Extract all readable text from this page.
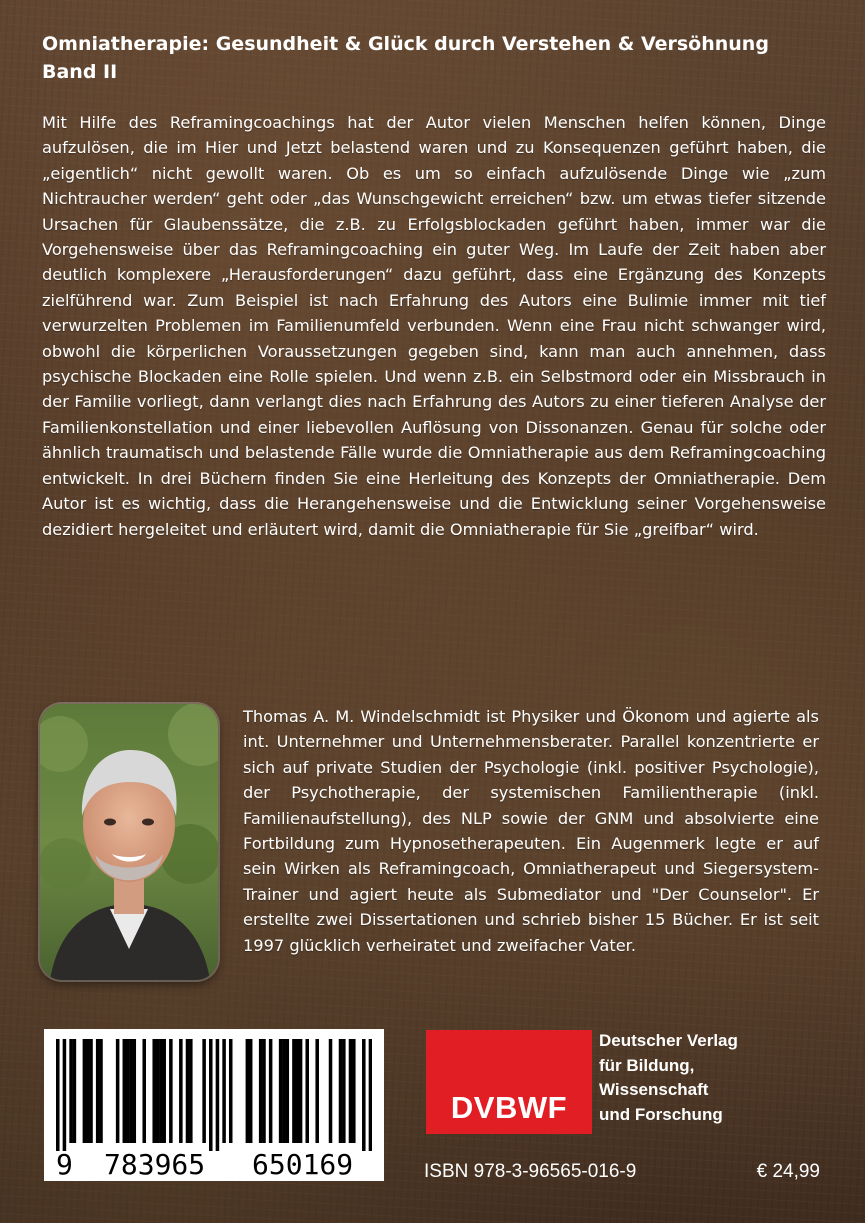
Omniatherapie: Gesundheit & Glück durch Verstehen & Versöhnung
Band II

Mit Hilfe des Reframingcoachings hat der Autor vielen Menschen helfen können, Dinge aufzulösen, die im Hier und Jetzt belastend waren und zu Konsequenzen geführt haben, die „eigentlich“ nicht gewollt waren. Ob es um so einfach aufzulösende Dinge wie „zum Nichtraucher werden“ geht oder „das Wunschgewicht erreichen“ bzw. um etwas tiefer sitzende Ursachen für Glaubenssätze, die z.B. zu Erfolgsblockaden geführt haben, immer war die Vorgehensweise über das Reframingcoaching ein guter Weg. Im Laufe der Zeit haben aber deutlich komplexere „Herausforderungen“ dazu geführt, dass eine Ergänzung des Konzepts zielführend war. Zum Beispiel ist nach Erfahrung des Autors eine Bulimie immer mit tief verwurzelten Problemen im Familienumfeld verbunden. Wenn eine Frau nicht schwanger wird, obwohl die körperlichen Voraussetzungen gegeben sind, kann man auch annehmen, dass psychische Blockaden eine Rolle spielen. Und wenn z.B. ein Selbstmord oder ein Missbrauch in der Familie vorliegt, dann verlangt dies nach Erfahrung des Autors zu einer tieferen Analyse der Familienkonstellation und einer liebevollen Auflösung von Dissonanzen. Genau für solche oder ähnlich traumatisch und belastende Fälle wurde die Omniatherapie aus dem Reframingcoaching entwickelt. In drei Büchern finden Sie eine Herleitung des Konzepts der Omniatherapie. Dem Autor ist es wichtig, dass die Herangehensweise und die Entwicklung seiner Vorgehensweise dezidiert hergeleitet und erläutert wird, damit die Omniatherapie für Sie „greifbar“ wird.

Thomas A. M. Windelschmidt ist Physiker und Ökonom und agierte als int. Unternehmer und Unternehmensberater. Parallel konzentrierte er sich auf private Studien der Psychologie (inkl. positiver Psychologie), der Psychotherapie, der systemischen Familientherapie (inkl. Familienaufstellung), des NLP sowie der GNM und absolvierte eine Fortbildung zum Hypnosetherapeuten. Ein Augenmerk legte er auf sein Wirken als Reframingcoach, Omniatherapeut und Siegersystem-Trainer und agiert heute als Submediator und "Der Counselor". Er erstellte zwei Dissertationen und schrieb bisher 15 Bücher. Er ist seit 1997 glücklich verheiratet und zweifacher Vater.

9 783965 650169
DVBWF
Deutscher Verlag
für Bildung,
Wissenschaft
und Forschung
ISBN 978-3-96565-016-9	€ 24,99
